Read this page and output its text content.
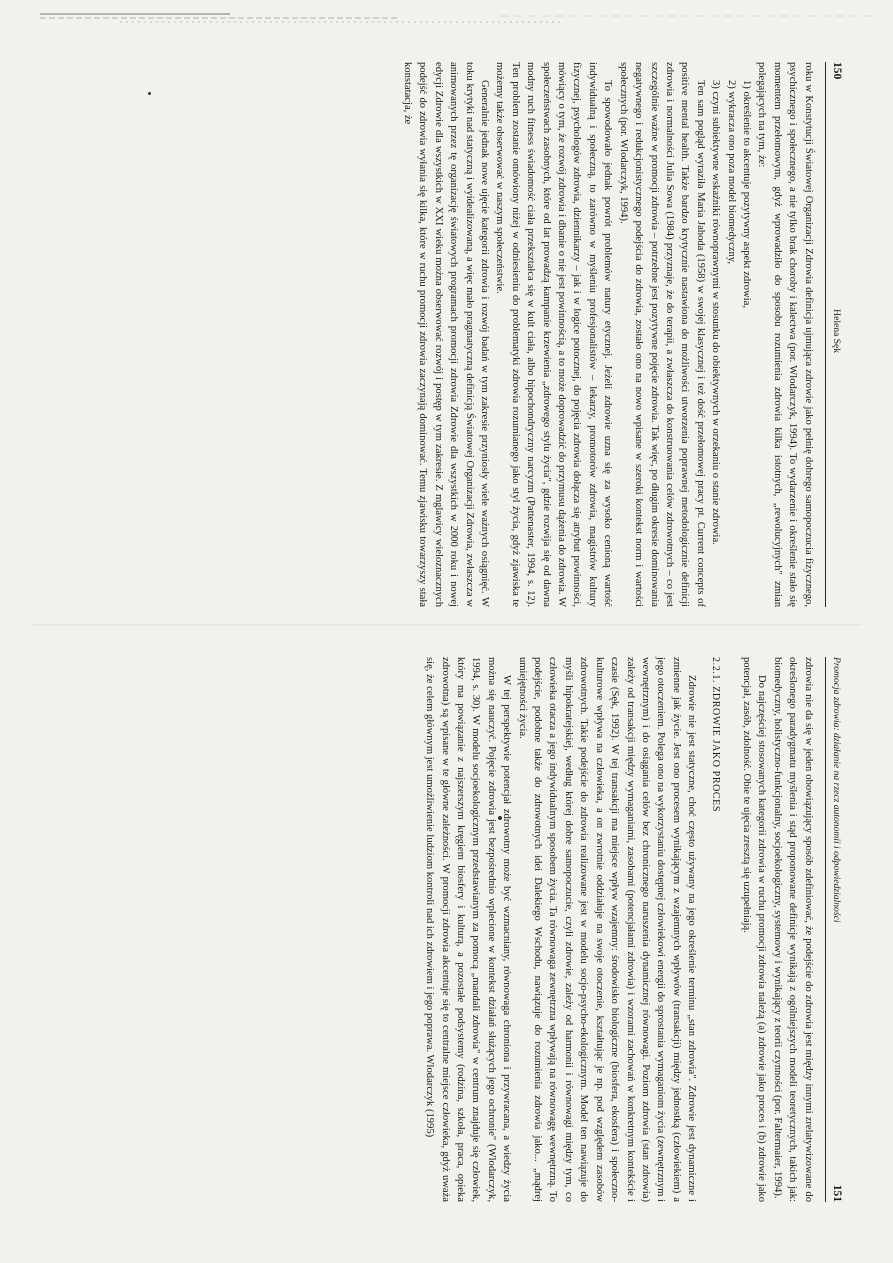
150
Helena Sęk

roku w Konstytucji Światowej Organizacji Zdrowia definicja ujmująca zdrowie jako pełnię dobrego samopoczucia fizycznego, psychicznego i społecznego, a nie tylko brak choroby i kalectwa (por. Wlodarczyk, 1994). To wydarzenie i określenie stało się momentem przełomowym, gdyż wprowadziło do sposobu rozumienia zdrowia kilka istotnych, „rewolucyjnych" zmian polegających na tym, że:

1) określenie to akcentuje pozytywny aspekt zdrowia,

2) wykracza ono poza model biomedyczny,

3) czyni subiektywne wskaźniki równoprawnymi w stosunku do obiektywnych w orzekaniu o stanie zdrowia.

Ten sam pogląd wyraziła Maria Jahoda (1958) w swojej klasycznej i też dość przełomowej pracy pt. Current concepts of positive mental health. Także bardzo krytycznie nastawiona do możliwości utworzenia poprawnej metodologicznie definicji zdrowia i normalności Julia Sowa (1984) przyznaje, że do terapii, a zwłaszcza do konstruowania celów zdrowotnych – co jest szczególnie ważne w promocji zdrowia – potrzebne jest pozytywne pojęcie zdrowia. Tak więc, po długim okresie dominowania negatywnego i redukcjonistycznego podejścia do zdrowia, zostało ono na nowo wpisane w szeroki kontekst norm i wartości społecznych (por. Wlodarczyk, 1994).

To spowodowało jednak powrót problemów natury etycznej. Jeżeli zdrowie uzna się za wysoko cenioną wartość indywidualną i społeczną, to zarówno w myśleniu profesjonalistów – lekarzy, promotorów zdrowia, magistrów kultury fizycznej, psychologów zdrowia, dziennikarzy – jak i w logice potocznej, do pojęcia zdrowia dołącza się atrybut powinności, mówiący o tym, że rozwój zdrowia i dbanie o nie jest powinnością, a to może doprowadzić do przymusu dążenia do zdrowia. W społeczeństwach zasobnych, które od lat prowadzą kampanie krzewienia „zdrowego stylu życia", gdzie rozwija się od dawna modny ruch fitness świadomość ciała przekształca się w kult ciała, albo hipochondryczny narcyzm (Pattenaster, 1994, s. 12). Ten problem zostanie omówiony niżej w odniesieniu do problematyki zdrowia rozumianego jako styl życia, gdyż zjawiska te możemy także obserwować w naszym społeczeństwie.

Generalnie jednak nowe ujęcie kategorii zdrowia i rozwój badań w tym zakresie przyniosły wiele ważnych osiągnięć. W toku krytyki nad statyczną i wyidealizowaną, a więc mało pragmatyczną definicją Światowej Organizacji Zdrowia, zwłaszcza w animowanych przez tę organizację światowych programach promocji zdrowia Zdrowie dla wszystkich w 2000 roku i nowej edycji Zdrowie dla wszystkich w XXI wieku można obserwować rozwój i postęp w tym zakresie. Z mglawicy wieloznacznych podejść do zdrowia wyłania się kilka, które w ruchu promocji zdrowia zaczynają dominować. Temu zjawisku towarzyszy stała konstatacja, że

Promocja zdrowia: działanie na rzecz autonomii i odpowiedzialności
151

zdrowia nie da się w jeden obowiązujący sposób zdefiniować, że podejście do zdrowia jest między innymi zrelatywizowane do określonego paradygmatu myślenia i stąd proponowane definicje wynikają z ogólniejszych modeli teoretycznych, takich jak: biomedyczny, holistyczno-funkcjonalny, socjoekologiczny, systemowy i wynikający z teorii czynności (por. Faltermaier, 1994).

Do najczęściej stosowanych kategorii zdrowia w ruchu promocji zdrowia należą (a) zdrowie jako proces i (b) zdrowie jako potencjał, zasób, zdolność. Obie te ujęcia zresztą się uzupełniają.

2.2.1. ZDROWIE JAKO PROCES

Zdrowie nie jest statyczne, choć często używany na jego określenie terminu „stan zdrowia". Zdrowie jest dynamiczne i zmienne jak życie. Jest ono procesem wynikającym z wzajemnych wpływów (transakcji) między jednostką (człowiekiem) a jego otoczeniem. Polega ono na wykorzystaniu dostępnej człowiekowi energii do sprostania wymaganiom życia (zewnętrznym i wewnętrznym) i do osiągania celów bez chronicznego naruszenia dynamicznej równowagi. Poziom zdrowia (stan zdrowia) zależy od transakcji między wymaganiami, zasobami (potencjałami zdrowia) i wzorami zachowań w konkretnym kontekście i czasie (Sęk, 1992). W tej transakcji ma miejsce wpływ wzajemny: środowisko biologiczne (biosfera, ekosfera) i społeczno-kulturowe wpływa na człowieka, a on zwrotnie oddziałuje na swoje otoczenie, kształtując je np. pod względem zasobów zdrowotnych. Takie podejście do zdrowia realizowane jest w modelu socjo-psycho-ekologicznym. Model ten nawiązuje do myśli hipokratejskiej, według której dobre samopoczucie, czyli zdrowie, zależy od harmonii i równowagi między tym, co człowieka otacza a jego indywidualnym sposobem życia. Ta równowaga zewnętrzna wpływają na równowagę wewnętrzną. To podejście, podobne także do zdrowotnych idei Dalekiego Wschodu, nawiązuje do rozumienia zdrowia jako... „mądrej umiejętności życia.

W tej perspektywie potencjał zdrowotny może być wzmacniany, równowaga chroniona i przywracana, a wiedzy życia można się nauczyć. Pojęcie zdrowia jest bezpośrednio wplecione w kontekst działań służących jego ochronie" (Wlodarczyk, 1994, s. 30). W modelu socjoekologicznym przedstawianym za pomocą „mandali zdrowia" w centrum znajduje się człowiek, który ma powiązanie z najszerszym kręgiem biosfery i kulturą, a pozostałe podsystemy (rodzina, szkoła, praca, opieka zdrowotna) są wpisane w te główne zależności. W promocji zdrowia akcentuje się to centralne miejsce człowieka, gdyż uważa się, że celem głównym jest umożliwienie ludziom kontroli nad ich zdrowiem i jego poprawa. Wlodarczyk (1995)
